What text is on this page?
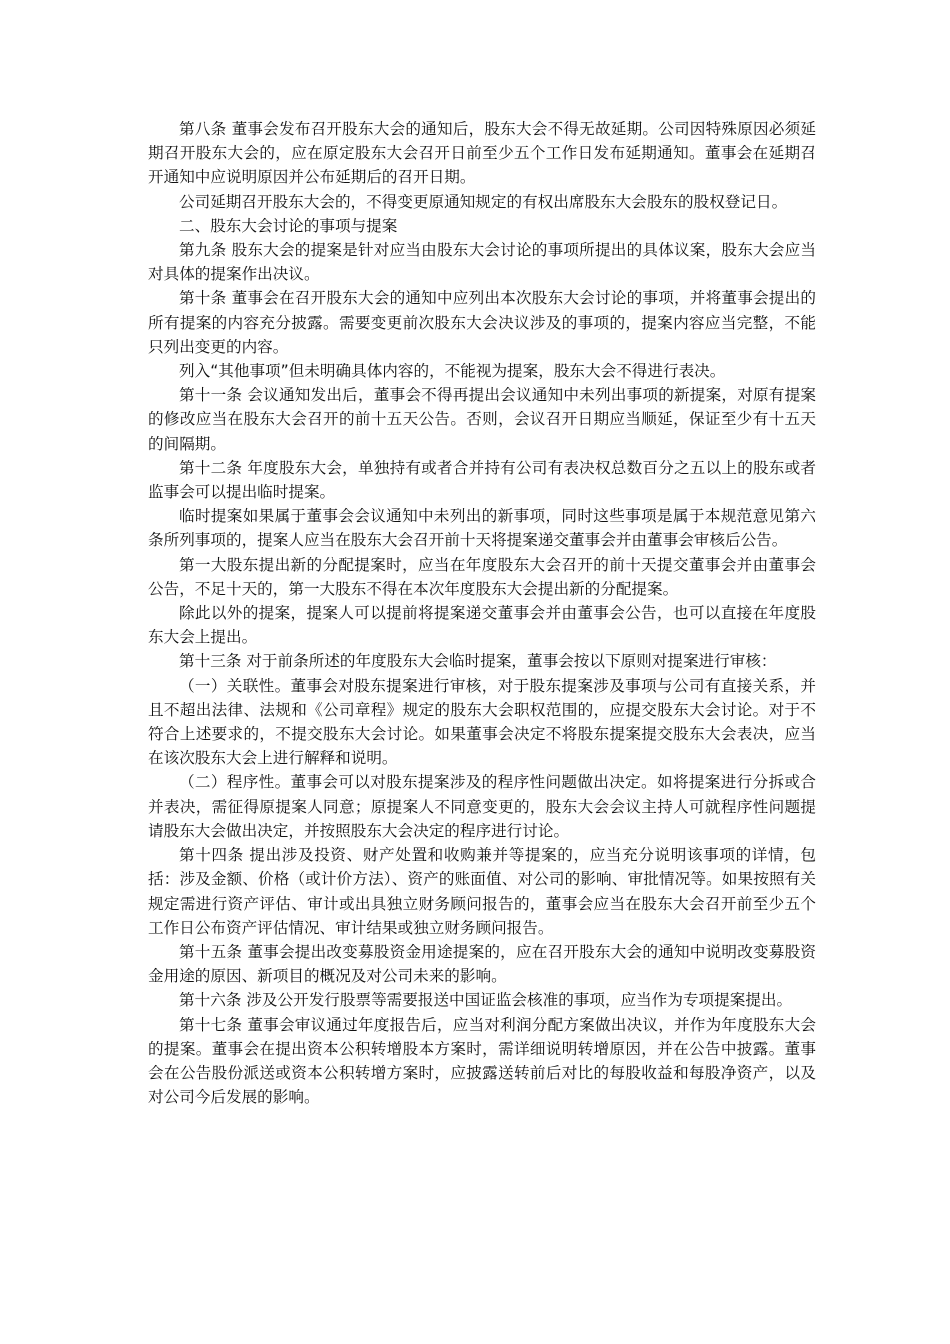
第八条 董事会发布召开股东大会的通知后，股东大会不得无故延期。公司因特殊原因必须延期召开股东大会的，应在原定股东大会召开日前至少五个工作日发布延期通知。董事会在延期召开通知中应说明原因并公布延期后的召开日期。

公司延期召开股东大会的，不得变更原通知规定的有权出席股东大会股东的股权登记日。

二、股东大会讨论的事项与提案

第九条 股东大会的提案是针对应当由股东大会讨论的事项所提出的具体议案，股东大会应当对具体的提案作出决议。

第十条 董事会在召开股东大会的通知中应列出本次股东大会讨论的事项，并将董事会提出的所有提案的内容充分披露。需要变更前次股东大会决议涉及的事项的，提案内容应当完整，不能只列出变更的内容。

列入“其他事项”但未明确具体内容的，不能视为提案，股东大会不得进行表决。

第十一条 会议通知发出后，董事会不得再提出会议通知中未列出事项的新提案，对原有提案的修改应当在股东大会召开的前十五天公告。否则，会议召开日期应当顺延，保证至少有十五天的间隔期。

第十二条 年度股东大会，单独持有或者合并持有公司有表决权总数百分之五以上的股东或者监事会可以提出临时提案。

临时提案如果属于董事会会议通知中未列出的新事项，同时这些事项是属于本规范意见第六条所列事项的，提案人应当在股东大会召开前十天将提案递交董事会并由董事会审核后公告。

第一大股东提出新的分配提案时，应当在年度股东大会召开的前十天提交董事会并由董事会公告，不足十天的，第一大股东不得在本次年度股东大会提出新的分配提案。

除此以外的提案，提案人可以提前将提案递交董事会并由董事会公告，也可以直接在年度股东大会上提出。

第十三条 对于前条所述的年度股东大会临时提案，董事会按以下原则对提案进行审核：

（一）关联性。董事会对股东提案进行审核，对于股东提案涉及事项与公司有直接关系，并且不超出法律、法规和《公司章程》规定的股东大会职权范围的，应提交股东大会讨论。对于不符合上述要求的，不提交股东大会讨论。如果董事会决定不将股东提案提交股东大会表决，应当在该次股东大会上进行解释和说明。

（二）程序性。董事会可以对股东提案涉及的程序性问题做出决定。如将提案进行分拆或合并表决，需征得原提案人同意；原提案人不同意变更的，股东大会会议主持人可就程序性问题提请股东大会做出决定，并按照股东大会决定的程序进行讨论。

第十四条 提出涉及投资、财产处置和收购兼并等提案的，应当充分说明该事项的详情，包括：涉及金额、价格（或计价方法）、资产的账面值、对公司的影响、审批情况等。如果按照有关规定需进行资产评估、审计或出具独立财务顾问报告的，董事会应当在股东大会召开前至少五个工作日公布资产评估情况、审计结果或独立财务顾问报告。

第十五条 董事会提出改变募股资金用途提案的，应在召开股东大会的通知中说明改变募股资金用途的原因、新项目的概况及对公司未来的影响。

第十六条 涉及公开发行股票等需要报送中国证监会核准的事项，应当作为专项提案提出。

第十七条 董事会审议通过年度报告后，应当对利润分配方案做出决议，并作为年度股东大会的提案。董事会在提出资本公积转增股本方案时，需详细说明转增原因，并在公告中披露。董事会在公告股份派送或资本公积转增方案时，应披露送转前后对比的每股收益和每股净资产，以及对公司今后发展的影响。
